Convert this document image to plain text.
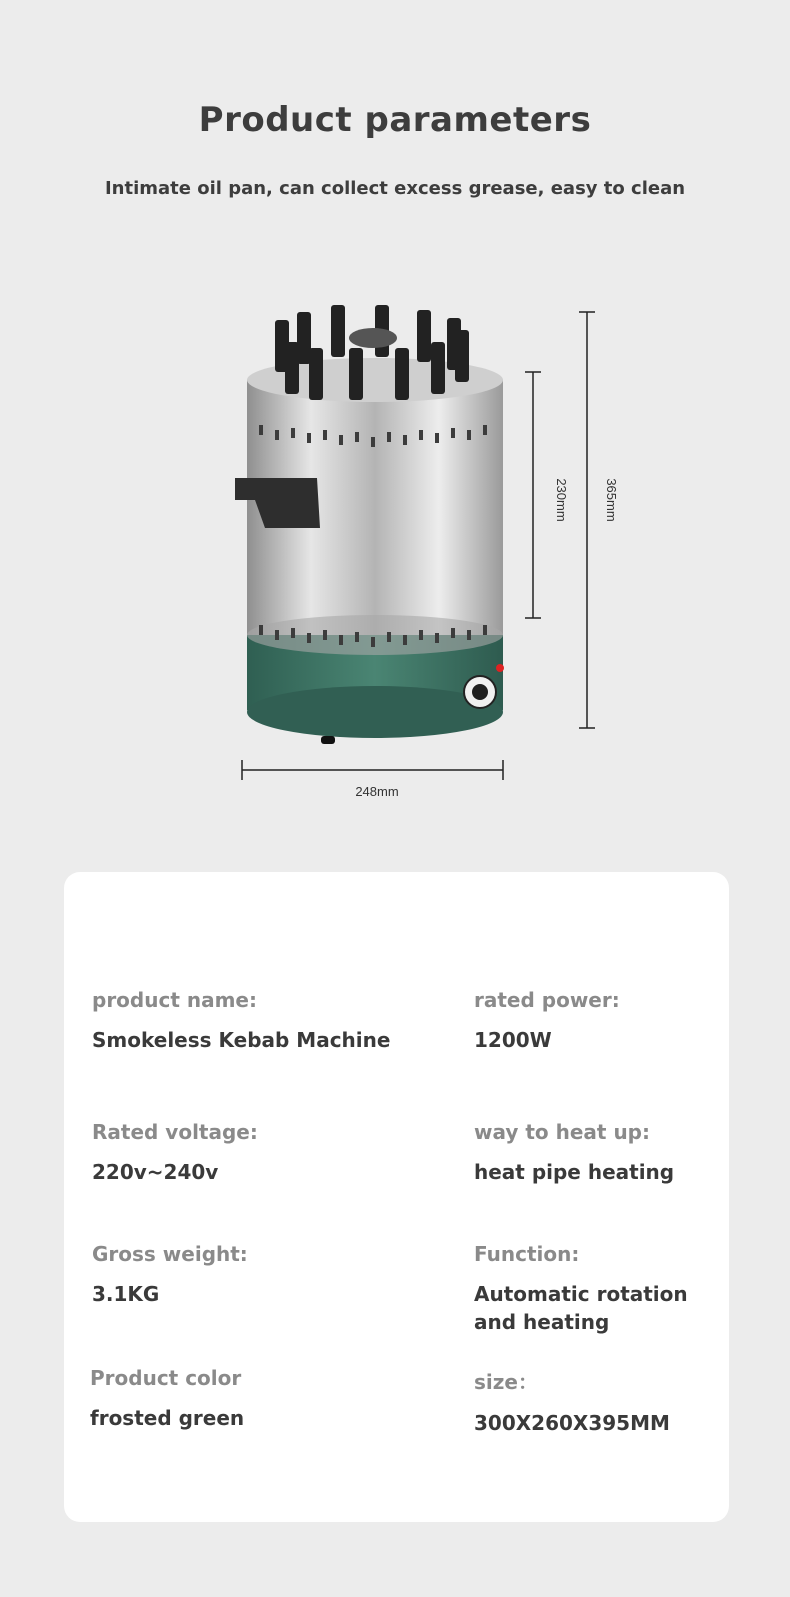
Product parameters
Intimate oil pan, can collect excess grease, easy to clean
248mm
230mm	365mm
product name:
Smokeless Kebab Machine
rated power:
1200W
Rated voltage:
220v~240v
way to heat up:
heat pipe heating
Gross weight:
3.1KG
Function:
Automatic rotation and heating
Product color
frosted green
size：
300X260X395MM
